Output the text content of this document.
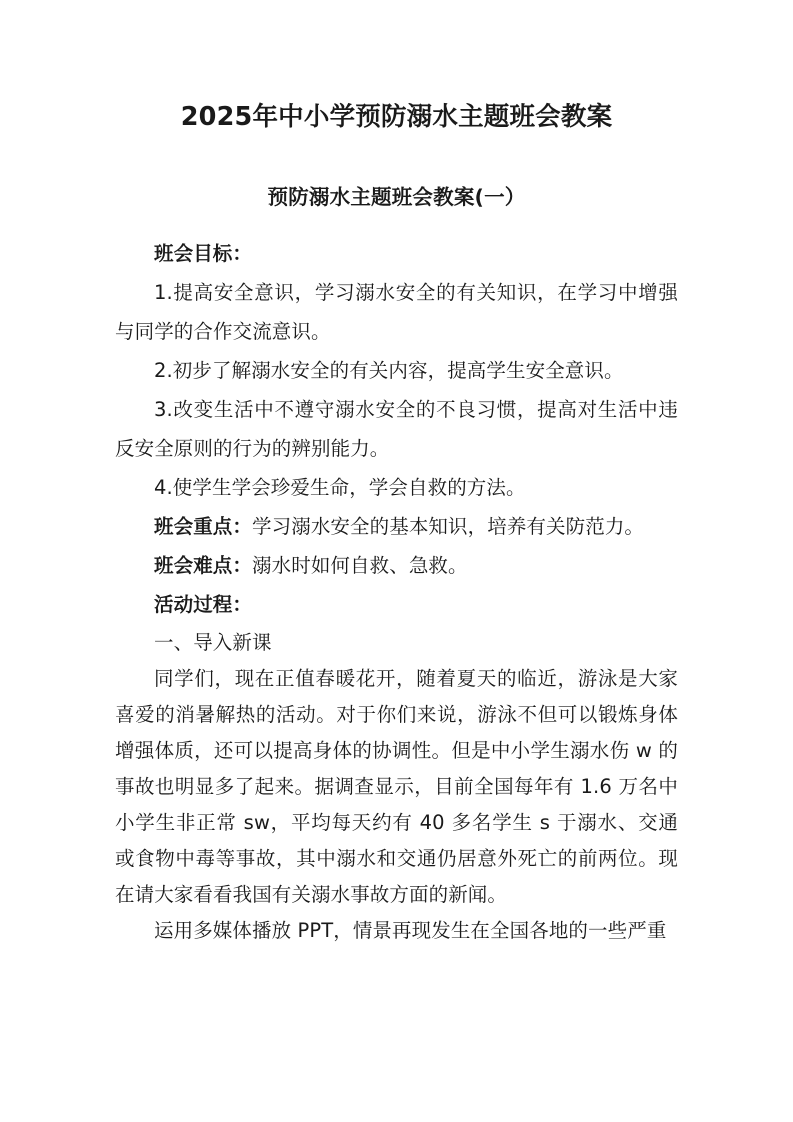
2025年中小学预防溺水主题班会教案
预防溺水主题班会教案(一）

班会目标：

1.提高安全意识，学习溺水安全的有关知识，在学习中增强与同学的合作交流意识。

2.初步了解溺水安全的有关内容，提高学生安全意识。

3.改变生活中不遵守溺水安全的不良习惯，提高对生活中违反安全原则的行为的辨别能力。

4.使学生学会珍爱生命，学会自救的方法。

班会重点：学习溺水安全的基本知识，培养有关防范力。

班会难点：溺水时如何自救、急救。

活动过程：

一、导入新课

同学们，现在正值春暖花开，随着夏天的临近，游泳是大家喜爱的消暑解热的活动。对于你们来说，游泳不但可以锻炼身体增强体质，还可以提高身体的协调性。但是中小学生溺水伤 w 的事故也明显多了起来。据调查显示，目前全国每年有 1.6 万名中小学生非正常 sw，平均每天约有 40 多名学生 s 于溺水、交通或食物中毒等事故，其中溺水和交通仍居意外死亡的前两位。现在请大家看看我国有关溺水事故方面的新闻。

运用多媒体播放 PPT，情景再现发生在全国各地的一些严重
